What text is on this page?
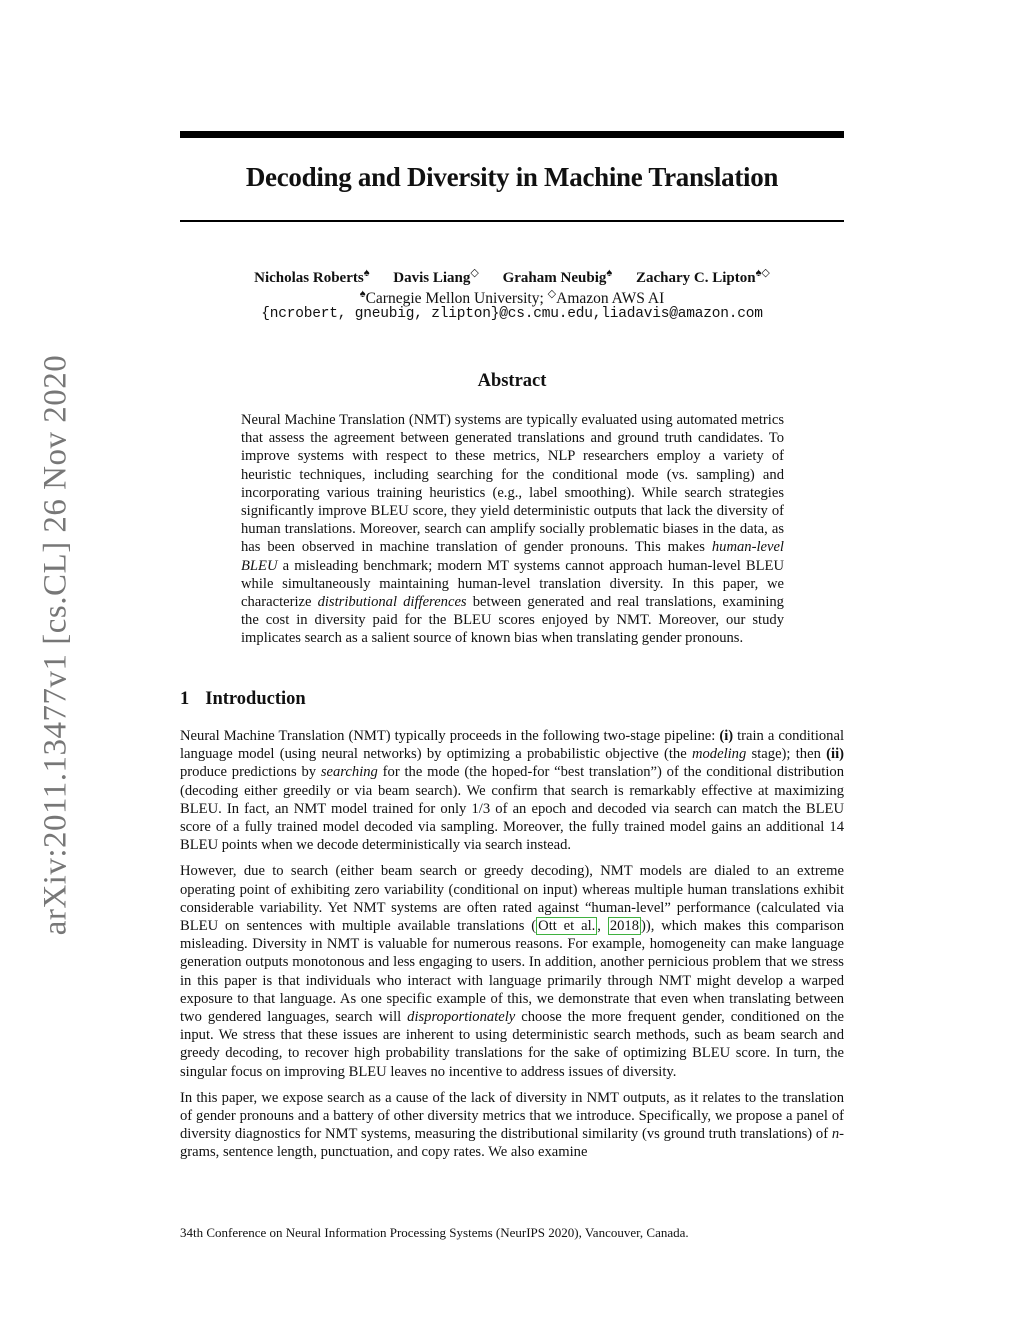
arXiv:2011.13477v1 [cs.CL] 26 Nov 2020
Decoding and Diversity in Machine Translation
Nicholas Roberts♠ Davis Liang◇ Graham Neubig♠ Zachary C. Lipton♠◇
♠Carnegie Mellon University; ◇Amazon AWS AI
{ncrobert, gneubig, zlipton}@cs.cmu.edu,liadavis@amazon.com
Abstract

Neural Machine Translation (NMT) systems are typically evaluated using automated metrics that assess the agreement between generated translations and ground truth candidates. To improve systems with respect to these metrics, NLP researchers employ a variety of heuristic techniques, including searching for the conditional mode (vs. sampling) and incorporating various training heuristics (e.g., label smoothing). While search strategies significantly improve BLEU score, they yield deterministic outputs that lack the diversity of human translations. Moreover, search can amplify socially problematic biases in the data, as has been observed in machine translation of gender pronouns. This makes human-level BLEU a misleading benchmark; modern MT systems cannot approach human-level BLEU while simultaneously maintaining human-level translation diversity. In this paper, we characterize distributional differences between generated and real translations, examining the cost in diversity paid for the BLEU scores enjoyed by NMT. Moreover, our study implicates search as a salient source of known bias when translating gender pronouns.

1 Introduction

Neural Machine Translation (NMT) typically proceeds in the following two-stage pipeline: (i) train a conditional language model (using neural networks) by optimizing a probabilistic objective (the modeling stage); then (ii) produce predictions by searching for the mode (the hoped-for “best translation”) of the conditional distribution (decoding either greedily or via beam search). We confirm that search is remarkably effective at maximizing BLEU. In fact, an NMT model trained for only 1/3 of an epoch and decoded via search can match the BLEU score of a fully trained model decoded via sampling. Moreover, the fully trained model gains an additional 14 BLEU points when we decode deterministically via search instead.

However, due to search (either beam search or greedy decoding), NMT models are dialed to an extreme operating point of exhibiting zero variability (conditional on input) whereas multiple human translations exhibit considerable variability. Yet NMT systems are often rated against “human-level” performance (calculated via BLEU on sentences with multiple available translations ( Ott et al. , 2018 )), which makes this comparison misleading. Diversity in NMT is valuable for numerous reasons. For example, homogeneity can make language generation outputs monotonous and less engaging to users. In addition, another pernicious problem that we stress in this paper is that individuals who interact with language primarily through NMT might develop a warped exposure to that language. As one specific example of this, we demonstrate that even when translating between two gendered languages, search will disproportionately choose the more frequent gender, conditioned on the input. We stress that these issues are inherent to using deterministic search methods, such as beam search and greedy decoding, to recover high probability translations for the sake of optimizing BLEU score. In turn, the singular focus on improving BLEU leaves no incentive to address issues of diversity.

In this paper, we expose search as a cause of the lack of diversity in NMT outputs, as it relates to the translation of gender pronouns and a battery of other diversity metrics that we introduce. Specifically, we propose a panel of diversity diagnostics for NMT systems, measuring the distributional similarity (vs ground truth translations) of n-grams, sentence length, punctuation, and copy rates. We also examine

34th Conference on Neural Information Processing Systems (NeurIPS 2020), Vancouver, Canada.
